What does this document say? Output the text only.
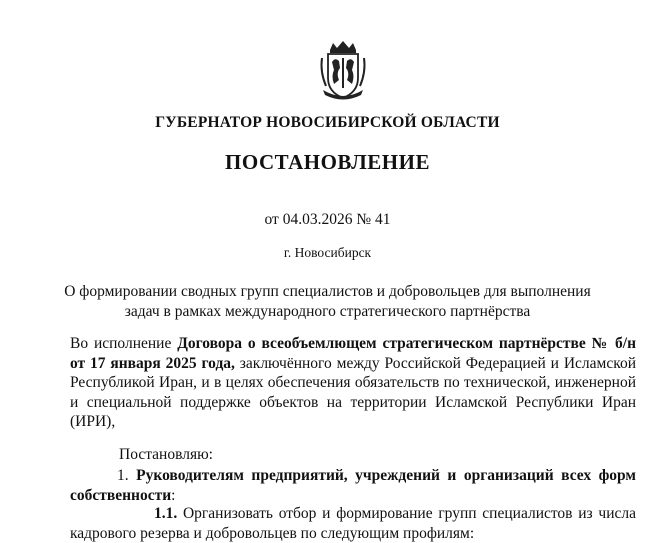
ГУБЕРНАТОР НОВОСИБИРСКОЙ ОБЛАСТИ
ПОСТАНОВЛЕНИЕ
от 04.03.2026 № 41
г. Новосибирск
О формировании сводных групп специалистов и добровольцев для выполнения
задач в рамках международного стратегического партнёрства
Во исполнение Договора о всеобъемлющем стратегическом партнёрстве № б/н от 17 января 2025 года, заключённого между Российской Федерацией и Исламской Республикой Иран, и в целях обеспечения обязательств по технической, инженерной и специальной поддержке объектов на территории Исламской Республики Иран (ИРИ),
Постановляю:
1. Руководителям предприятий, учреждений и организаций всех форм собственности:
1.1. Организовать отбор и формирование групп специалистов из числа кадрового резерва и добровольцев по следующим профилям:
